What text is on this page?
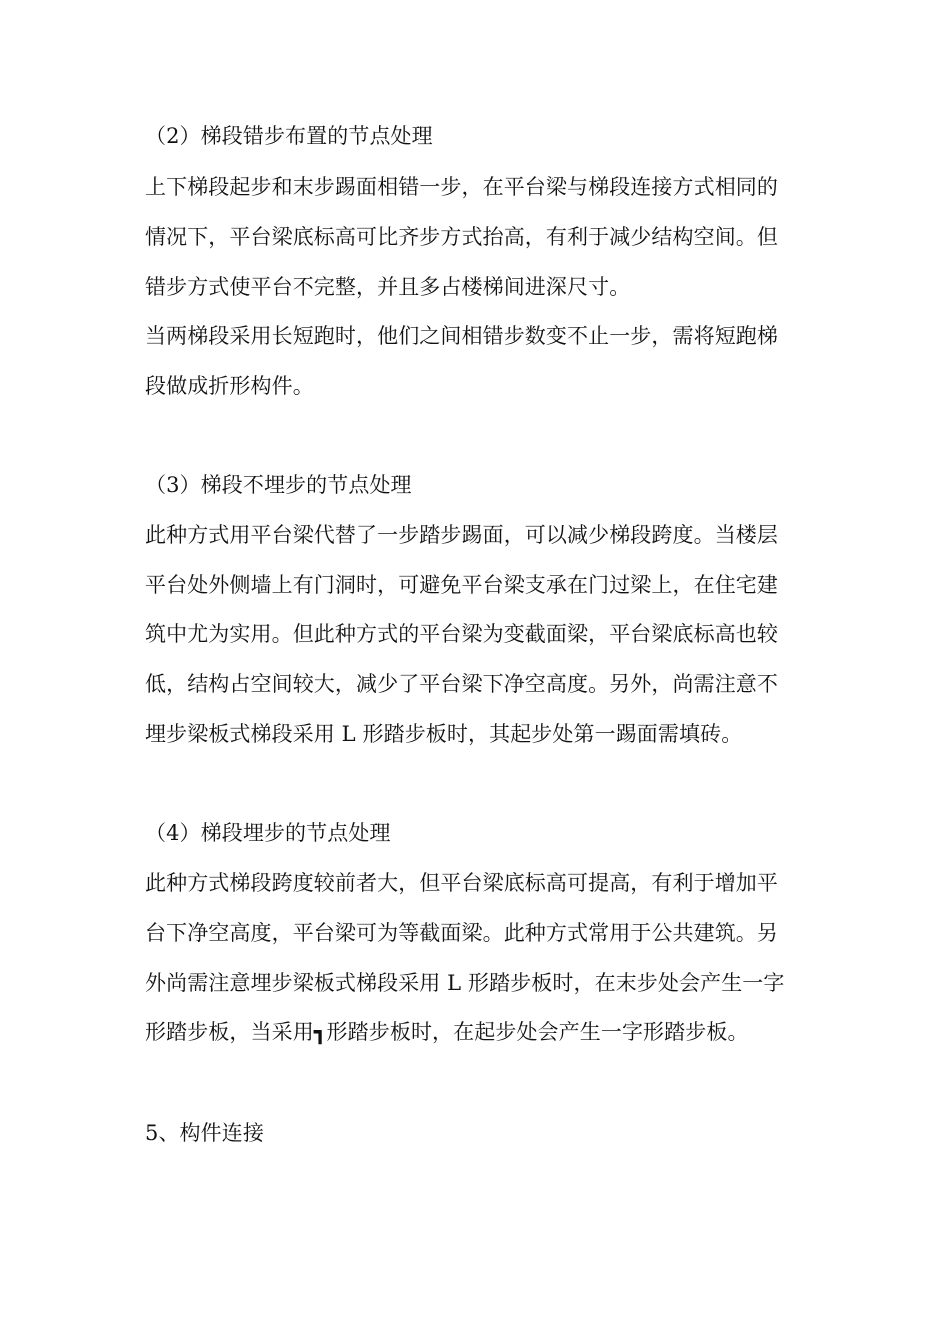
（2）梯段错步布置的节点处理
上下梯段起步和末步踢面相错一步，在平台梁与梯段连接方式相同的
情况下，平台梁底标高可比齐步方式抬高，有利于减少结构空间。但
错步方式使平台不完整，并且多占楼梯间进深尺寸。
当两梯段采用长短跑时，他们之间相错步数变不止一步，需将短跑梯
段做成折形构件。
（3）梯段不埋步的节点处理
此种方式用平台梁代替了一步踏步踢面，可以减少梯段跨度。当楼层
平台处外侧墙上有门洞时，可避免平台梁支承在门过梁上，在住宅建
筑中尤为实用。但此种方式的平台梁为变截面梁，平台梁底标高也较
低，结构占空间较大，减少了平台梁下净空高度。另外，尚需注意不
埋步梁板式梯段采用 L 形踏步板时，其起步处第一踢面需填砖。
（4）梯段埋步的节点处理
此种方式梯段跨度较前者大，但平台梁底标高可提高，有利于增加平
台下净空高度，平台梁可为等截面梁。此种方式常用于公共建筑。另
外尚需注意埋步梁板式梯段采用 L 形踏步板时，在末步处会产生一字
形踏步板，当采用┓形踏步板时，在起步处会产生一字形踏步板。
5、构件连接
